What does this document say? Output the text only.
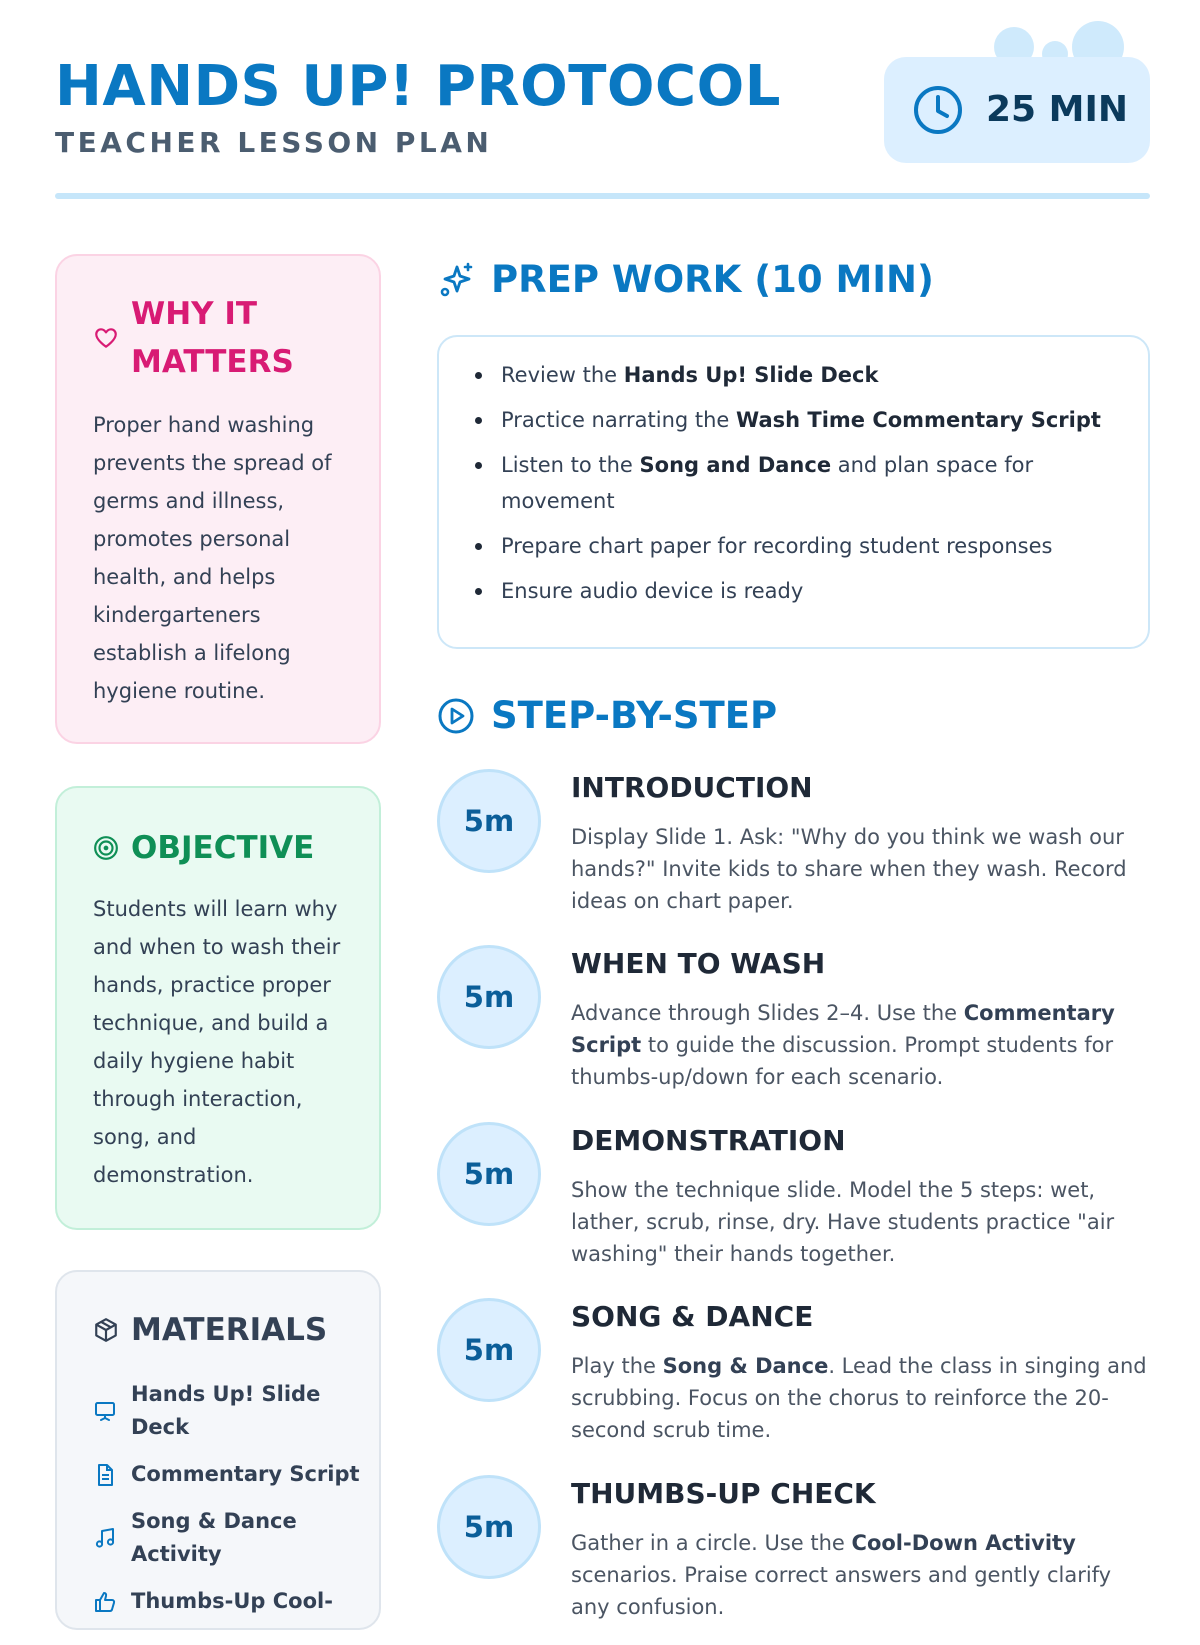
HANDS UP! PROTOCOL
TEACHER LESSON PLAN
25 MIN
WHY IT MATTERS

Proper hand washing prevents the spread of germs and illness, promotes personal health, and helps kindergarteners establish a lifelong hygiene routine.

OBJECTIVE

Students will learn why and when to wash their hands, practice proper technique, and build a daily hygiene habit through interaction, song, and demonstration.

MATERIALS
Hands Up! Slide Deck
Commentary Script
Song & Dance Activity
Thumbs-Up Cool-
PREP WORK (10 MIN)
Review the Hands Up! Slide Deck
Practice narrating the Wash Time Commentary Script
Listen to the Song and Dance and plan space for movement
Prepare chart paper for recording student responses
Ensure audio device is ready
STEP-BY-STEP
5m
INTRODUCTION

Display Slide 1. Ask: "Why do you think we wash our hands?" Invite kids to share when they wash. Record ideas on chart paper.

5m
WHEN TO WASH

Advance through Slides 2–4. Use the Commentary Script to guide the discussion. Prompt students for thumbs-up/down for each scenario.

5m
DEMONSTRATION

Show the technique slide. Model the 5 steps: wet, lather, scrub, rinse, dry. Have students practice "air washing" their hands together.

5m
SONG & DANCE

Play the Song & Dance. Lead the class in singing and scrubbing. Focus on the chorus to reinforce the 20-second scrub time.

5m
THUMBS-UP CHECK

Gather in a circle. Use the Cool-Down Activity scenarios. Praise correct answers and gently clarify any confusion.
